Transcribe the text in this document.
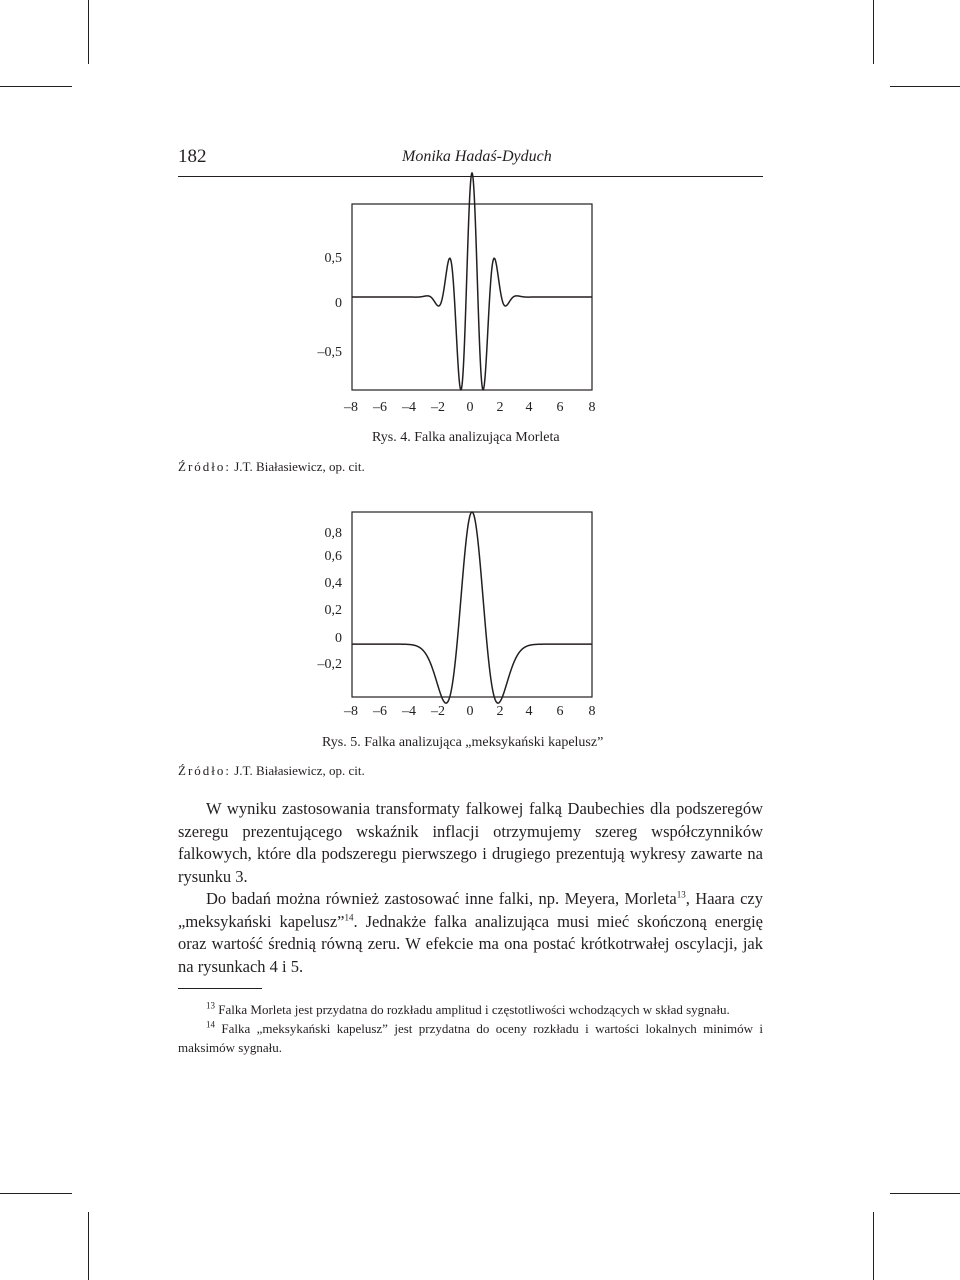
182	Monika Hadaś-Dyduch
0,5
0
–0,5
–8 –6 –4 –2	0	2	4	6	8
Rys. 4. Falka analizująca Morleta
Źródło: J.T. Białasiewicz, op. cit.
0,8
0,6
0,4
0,2
0
–0,2
–8 –6 –4 –2	0	2	4	6	8
Rys. 5. Falka analizująca „meksykański kapelusz”
Źródło: J.T. Białasiewicz, op. cit.

W wyniku zastosowania transformaty falkowej falką Daubechies dla podszeregów szeregu prezentującego wskaźnik inflacji otrzymujemy szereg współczynników falkowych, które dla podszeregu pierwszego i drugiego prezentują wykresy zawarte na rysunku 3.

Do badań można również zastosować inne falki, np. Meyera, Morleta$^{13}$, Haara czy „meksykański kapelusz”$^{14}$. Jednakże falka analizująca musi mieć skończoną energię oraz wartość średnią równą zeru. W efekcie ma ona postać krótkotrwałej oscylacji, jak na rysunkach 4 i 5.

$^{13}$ Falka Morleta jest przydatna do rozkładu amplitud i częstotliwości wchodzących w skład sygnału.

$^{14}$ Falka „meksykański kapelusz” jest przydatna do oceny rozkładu i wartości lokalnych minimów i maksimów sygnału.
